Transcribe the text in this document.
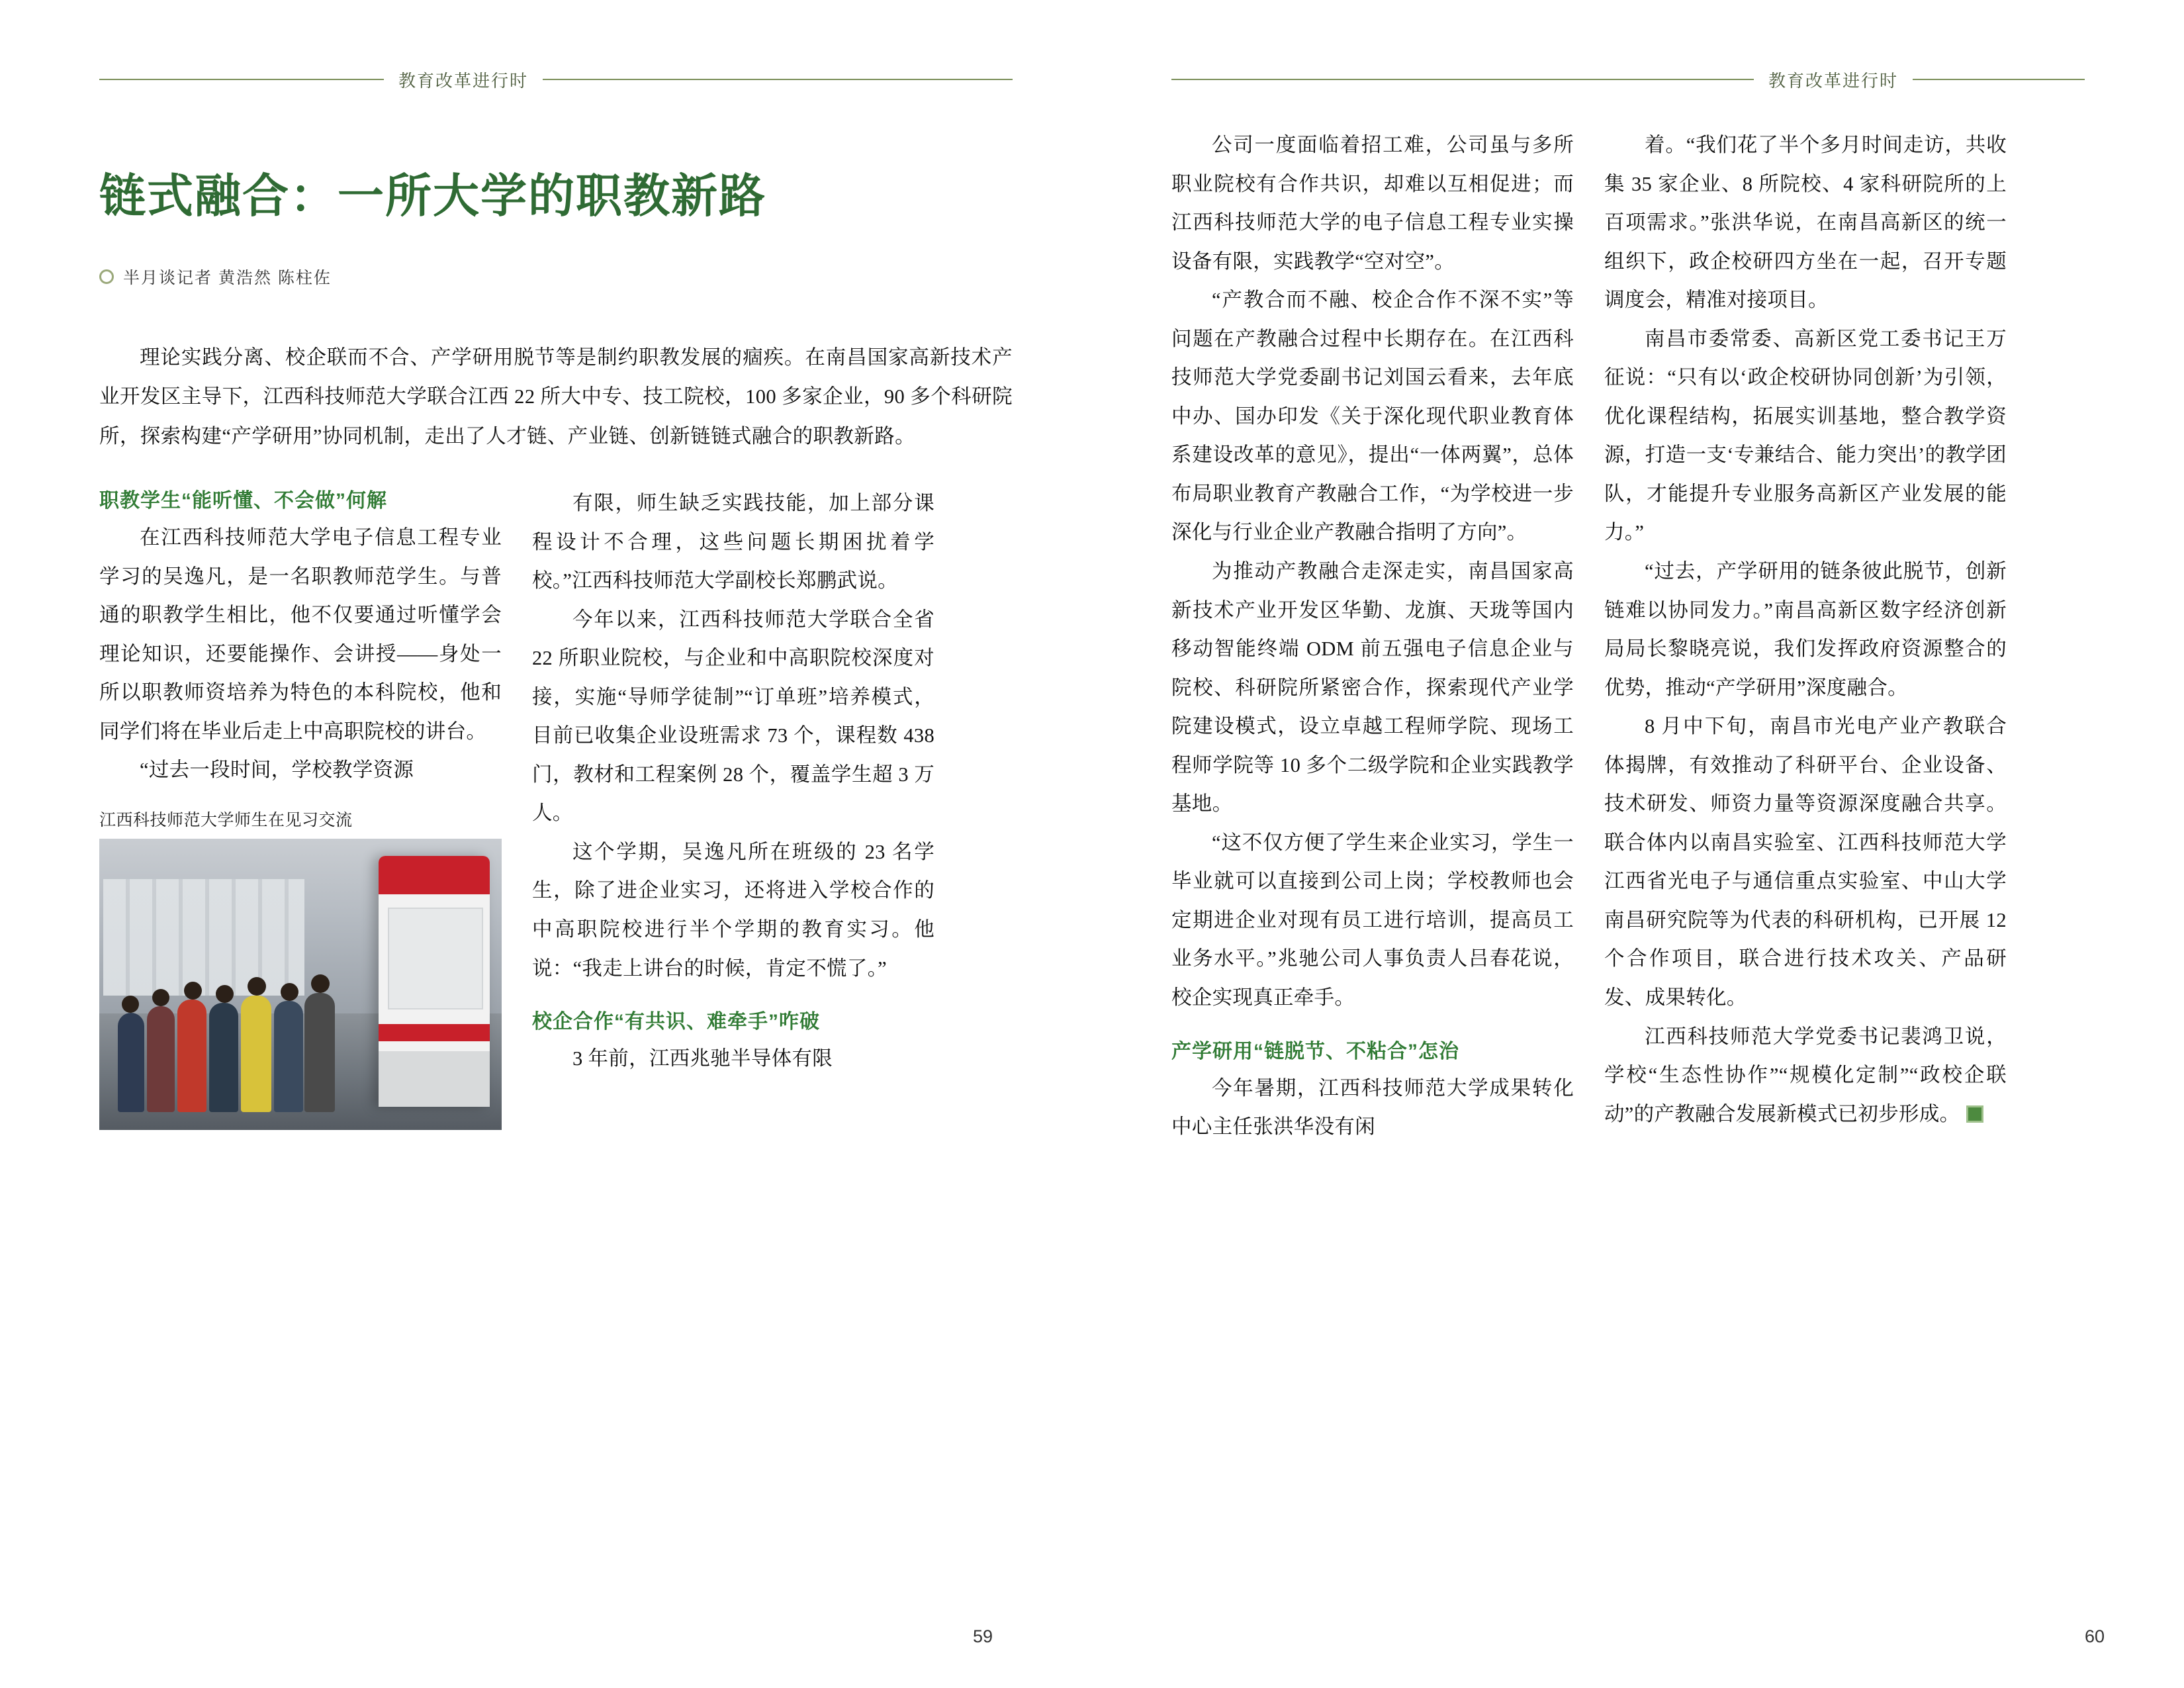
教育改革进行时
链式融合：一所大学的职教新路
半月谈记者 黄浩然 陈柱佐

理论实践分离、校企联而不合、产学研用脱节等是制约职教发展的痼疾。在南昌国家高新技术产业开发区主导下，江西科技师范大学联合江西 22 所大中专、技工院校，100 多家企业，90 多个科研院所，探索构建“产学研用”协同机制，走出了人才链、产业链、创新链链式融合的职教新路。

职教学生“能听懂、不会做”何解

在江西科技师范大学电子信息工程专业学习的吴逸凡，是一名职教师范学生。与普通的职教学生相比，他不仅要通过听懂学会理论知识，还要能操作、会讲授——身处一所以职教师资培养为特色的本科院校，他和同学们将在毕业后走上中高职院校的讲台。

“过去一段时间，学校教学资源

江西科技师范大学师生在见习交流

有限，师生缺乏实践技能，加上部分课程设计不合理，这些问题长期困扰着学校。”江西科技师范大学副校长郑鹏武说。

今年以来，江西科技师范大学联合全省 22 所职业院校，与企业和中高职院校深度对接，实施“导师学徒制”“订单班”培养模式，目前已收集企业设班需求 73 个，课程数 438 门，教材和工程案例 28 个，覆盖学生超 3 万人。

这个学期，吴逸凡所在班级的 23 名学生，除了进企业实习，还将进入学校合作的中高职院校进行半个学期的教育实习。他说：“我走上讲台的时候，肯定不慌了。”

校企合作“有共识、难牵手”咋破

3 年前，江西兆驰半导体有限

59
教育改革进行时

公司一度面临着招工难，公司虽与多所职业院校有合作共识，却难以互相促进；而江西科技师范大学的电子信息工程专业实操设备有限，实践教学“空对空”。

“产教合而不融、校企合作不深不实”等问题在产教融合过程中长期存在。在江西科技师范大学党委副书记刘国云看来，去年底中办、国办印发《关于深化现代职业教育体系建设改革的意见》，提出“一体两翼”，总体布局职业教育产教融合工作，“为学校进一步深化与行业企业产教融合指明了方向”。

为推动产教融合走深走实，南昌国家高新技术产业开发区华勤、龙旗、天珑等国内移动智能终端 ODM 前五强电子信息企业与院校、科研院所紧密合作，探索现代产业学院建设模式，设立卓越工程师学院、现场工程师学院等 10 多个二级学院和企业实践教学基地。

“这不仅方便了学生来企业实习，学生一毕业就可以直接到公司上岗；学校教师也会定期进企业对现有员工进行培训，提高员工业务水平。”兆驰公司人事负责人吕春花说，校企实现真正牵手。

产学研用“链脱节、不粘合”怎治

今年暑期，江西科技师范大学成果转化中心主任张洪华没有闲

着。“我们花了半个多月时间走访，共收集 35 家企业、8 所院校、4 家科研院所的上百项需求。”张洪华说，在南昌高新区的统一组织下，政企校研四方坐在一起，召开专题调度会，精准对接项目。

南昌市委常委、高新区党工委书记王万征说：“只有以‘政企校研协同创新’为引领，优化课程结构，拓展实训基地，整合教学资源，打造一支‘专兼结合、能力突出’的教学团队，才能提升专业服务高新区产业发展的能力。”

“过去，产学研用的链条彼此脱节，创新链难以协同发力。”南昌高新区数字经济创新局局长黎晓亮说，我们发挥政府资源整合的优势，推动“产学研用”深度融合。

8 月中下旬，南昌市光电产业产教联合体揭牌，有效推动了科研平台、企业设备、技术研发、师资力量等资源深度融合共享。联合体内以南昌实验室、江西科技师范大学江西省光电子与通信重点实验室、中山大学南昌研究院等为代表的科研机构，已开展 12 个合作项目，联合进行技术攻关、产品研发、成果转化。

江西科技师范大学党委书记裴鸿卫说，学校“生态性协作”“规模化定制”“政校企联动”的产教融合发展新模式已初步形成。

60
